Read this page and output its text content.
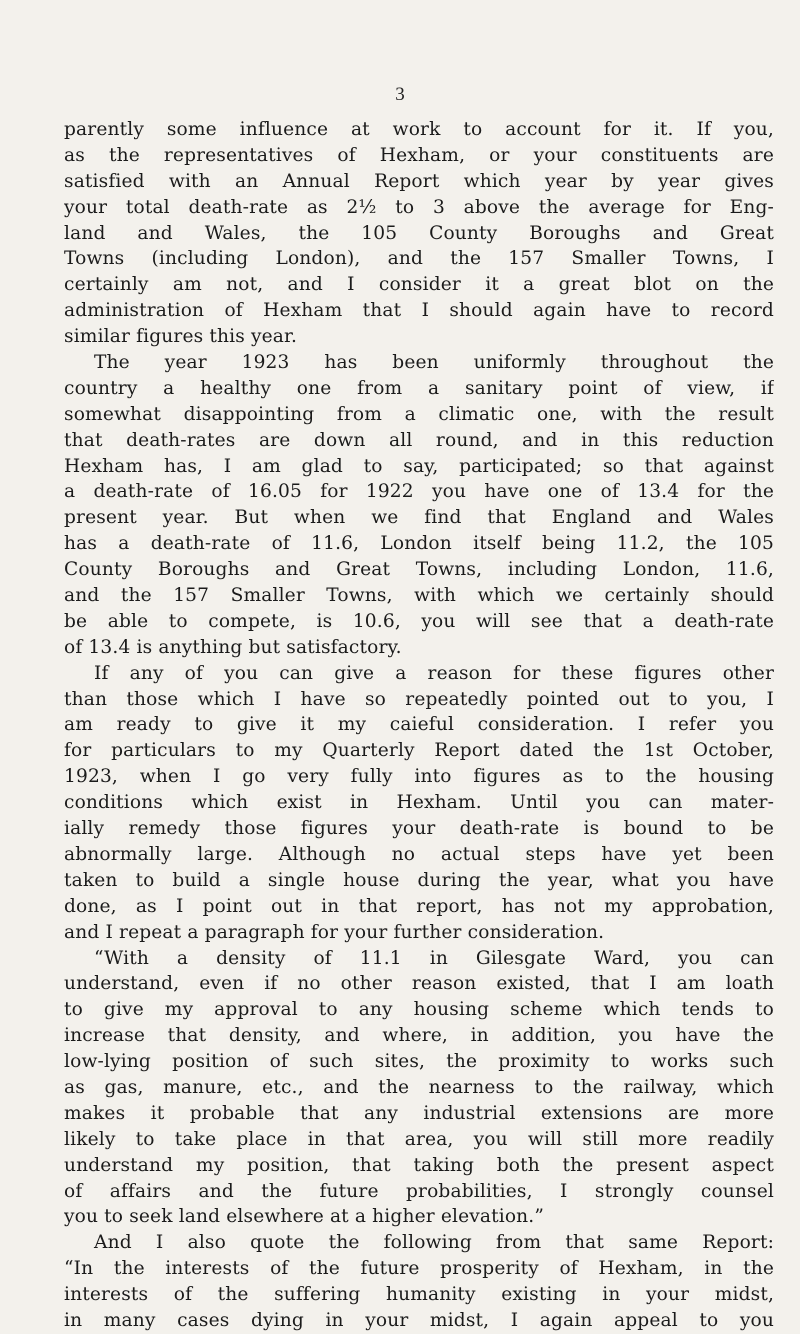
3
parently some influence at work to account for it. If you,
as the representatives of Hexham, or your constituents are
satisfied with an Annual Report which year by year gives
your total death-rate as 2½ to 3 above the average for Eng-
land and Wales, the 105 County Boroughs and Great
Towns (including London), and the 157 Smaller Towns, I
certainly am not, and I consider it a great blot on the
administration of Hexham that I should again have to record
similar figures this year.
The year 1923 has been uniformly throughout the
country a healthy one from a sanitary point of view, if
somewhat disappointing from a climatic one, with the result
that death-rates are down all round, and in this reduction
Hexham has, I am glad to say, participated; so that against
a death-rate of 16.05 for 1922 you have one of 13.4 for the
present year. But when we find that England and Wales
has a death-rate of 11.6, London itself being 11.2, the 105
County Boroughs and Great Towns, including London, 11.6,
and the 157 Smaller Towns, with which we certainly should
be able to compete, is 10.6, you will see that a death-rate
of 13.4 is anything but satisfactory.
If any of you can give a reason for these figures other
than those which I have so repeatedly pointed out to you, I
am ready to give it my caieful consideration. I refer you
for particulars to my Quarterly Report dated the 1st October,
1923, when I go very fully into figures as to the housing
conditions which exist in Hexham. Until you can mater-
ially remedy those figures your death-rate is bound to be
abnormally large. Although no actual steps have yet been
taken to build a single house during the year, what you have
done, as I point out in that report, has not my approbation,
and I repeat a paragraph for your further consideration.
“With a density of 11.1 in Gilesgate Ward, you can
understand, even if no other reason existed, that I am loath
to give my approval to any housing scheme which tends to
increase that density, and where, in addition, you have the
low-lying position of such sites, the proximity to works such
as gas, manure, etc., and the nearness to the railway, which
makes it probable that any industrial extensions are more
likely to take place in that area, you will still more readily
understand my position, that taking both the present aspect
of affairs and the future probabilities, I strongly counsel
you to seek land elsewhere at a higher elevation.”
And I also quote the following from that same Report:
“In the interests of the future prosperity of Hexham, in the
interests of the suffering humanity existing in your midst,
in many cases dying in your midst, I again appeal to you
